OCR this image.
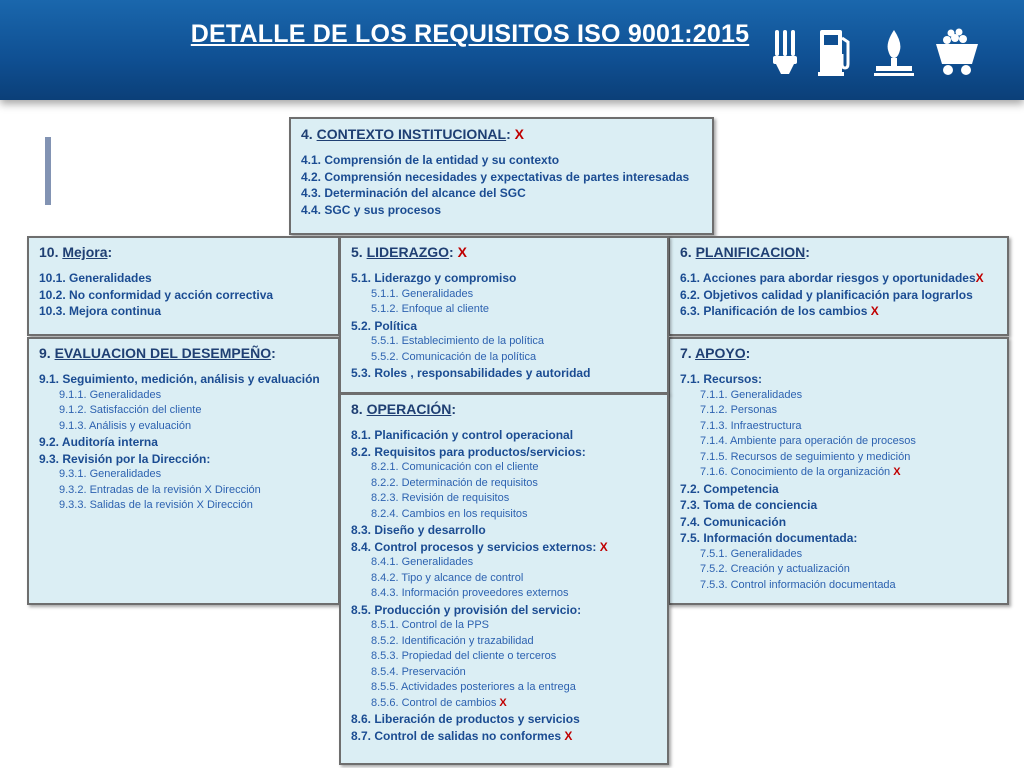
DETALLE DE LOS REQUISITOS ISO 9001:2015
4. CONTEXTO INSTITUCIONAL: X
4.1. Comprensión de la entidad y su contexto
4.2. Comprensión necesidades y expectativas de partes interesadas
4.3. Determinación del alcance del SGC
4.4. SGC y sus procesos
10. Mejora:
10.1. Generalidades
10.2. No conformidad y acción correctiva
10.3. Mejora continua
6. PLANIFICACION:
6.1. Acciones para abordar riesgos y oportunidadesX
6.2. Objetivos calidad y planificación para lograrlos
6.3. Planificación de los cambios X
9. EVALUACION DEL DESEMPEÑO:
9.1. Seguimiento, medición, análisis y evaluación
9.1.1. Generalidades
9.1.2. Satisfacción del cliente
9.1.3. Análisis y evaluación
9.2. Auditoría interna
9.3. Revisión por la Dirección:
9.3.1. Generalidades
9.3.2. Entradas de la revisión X Dirección
9.3.3. Salidas de la revisión X Dirección
7. APOYO:
7.1. Recursos:
7.1.1. Generalidades
7.1.2. Personas
7.1.3. Infraestructura
7.1.4. Ambiente para operación de procesos
7.1.5. Recursos de seguimiento y medición
7.1.6. Conocimiento de la organización X
7.2. Competencia
7.3. Toma de conciencia
7.4. Comunicación
7.5. Información documentada:
7.5.1. Generalidades
7.5.2. Creación y actualización
7.5.3. Control información documentada
5. LIDERAZGO: X
5.1. Liderazgo y compromiso
5.1.1. Generalidades
5.1.2. Enfoque al cliente
5.2. Política
5.5.1. Establecimiento de la política
5.5.2. Comunicación de la política
5.3. Roles , responsabilidades y autoridad
8. OPERACIÓN:
8.1. Planificación y control operacional
8.2. Requisitos para productos/servicios:
8.2.1. Comunicación con el cliente
8.2.2. Determinación de requisitos
8.2.3. Revisión de requisitos
8.2.4. Cambios en los requisitos
8.3. Diseño y desarrollo
8.4. Control procesos y servicios externos: X
8.4.1. Generalidades
8.4.2. Tipo y alcance de control
8.4.3. Información proveedores externos
8.5. Producción y provisión del servicio:
8.5.1. Control de la PPS
8.5.2. Identificación y trazabilidad
8.5.3. Propiedad del cliente o terceros
8.5.4. Preservación
8.5.5. Actividades posteriores a la entrega
8.5.6. Control de cambios X
8.6. Liberación de productos y servicios
8.7. Control de salidas no conformes X
